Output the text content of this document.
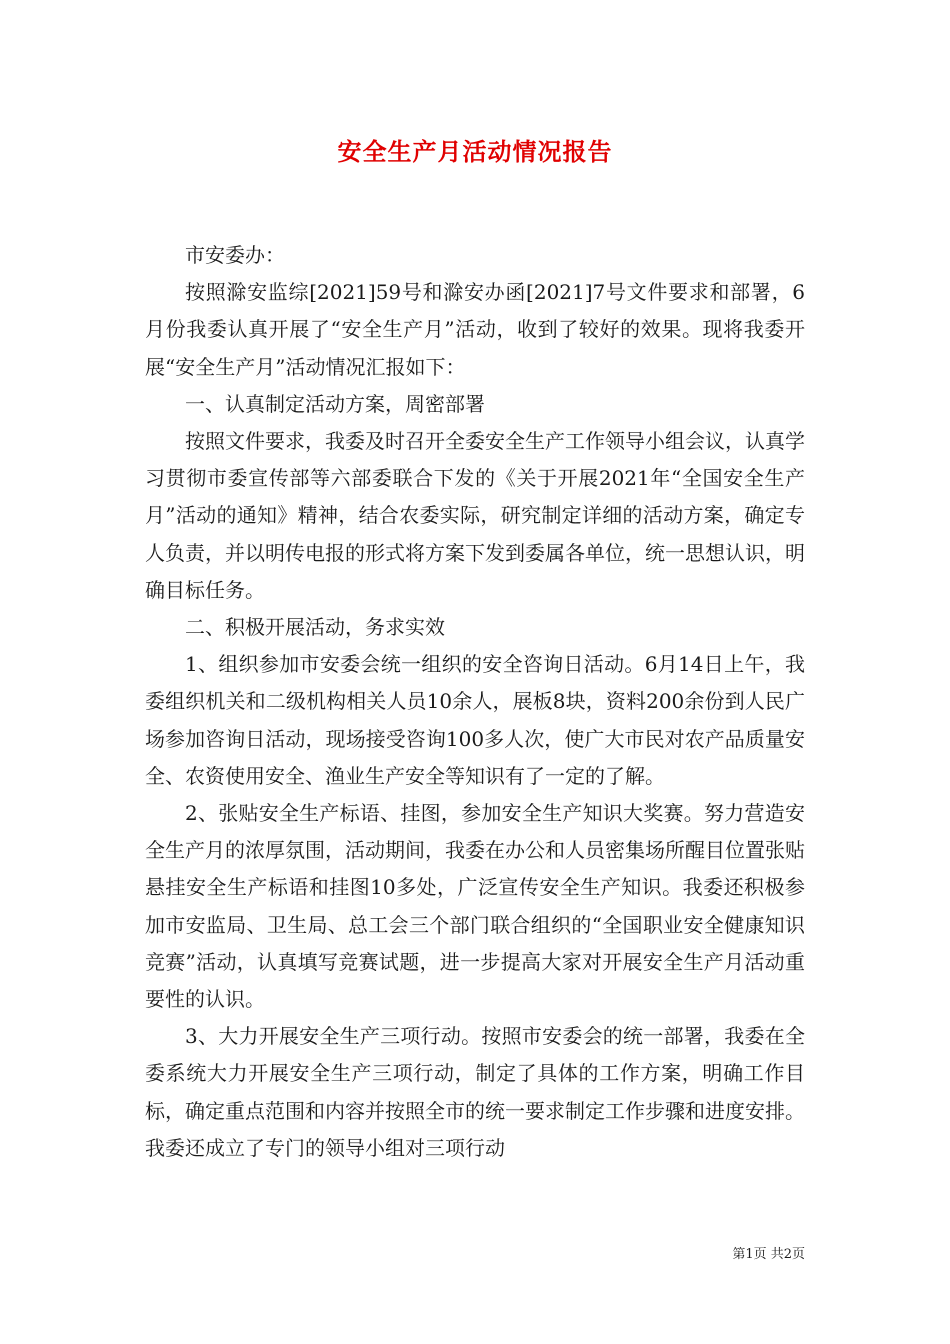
安全生产月活动情况报告

市安委办：

按照滁安监综[2021]59号和滁安办函[2021]7号文件要求和部署，6月份我委认真开展了“安全生产月”活动，收到了较好的效果。现将我委开展“安全生产月”活动情况汇报如下：

一、认真制定活动方案，周密部署

按照文件要求，我委及时召开全委安全生产工作领导小组会议，认真学习贯彻市委宣传部等六部委联合下发的《关于开展2021年“全国安全生产月”活动的通知》精神，结合农委实际，研究制定详细的活动方案，确定专人负责，并以明传电报的形式将方案下发到委属各单位，统一思想认识，明确目标任务。

二、积极开展活动，务求实效

1、组织参加市安委会统一组织的安全咨询日活动。6月14日上午，我委组织机关和二级机构相关人员10余人，展板8块，资料200余份到人民广场参加咨询日活动，现场接受咨询100多人次，使广大市民对农产品质量安全、农资使用安全、渔业生产安全等知识有了一定的了解。

2、张贴安全生产标语、挂图，参加安全生产知识大奖赛。努力营造安全生产月的浓厚氛围，活动期间，我委在办公和人员密集场所醒目位置张贴悬挂安全生产标语和挂图10多处，广泛宣传安全生产知识。我委还积极参加市安监局、卫生局、总工会三个部门联合组织的“全国职业安全健康知识竞赛”活动，认真填写竞赛试题，进一步提高大家对开展安全生产月活动重要性的认识。

3、大力开展安全生产三项行动。按照市安委会的统一部署，我委在全委系统大力开展安全生产三项行动，制定了具体的工作方案，明确工作目标，确定重点范围和内容并按照全市的统一要求制定工作步骤和进度安排。我委还成立了专门的领导小组对三项行动

第1页 共2页
